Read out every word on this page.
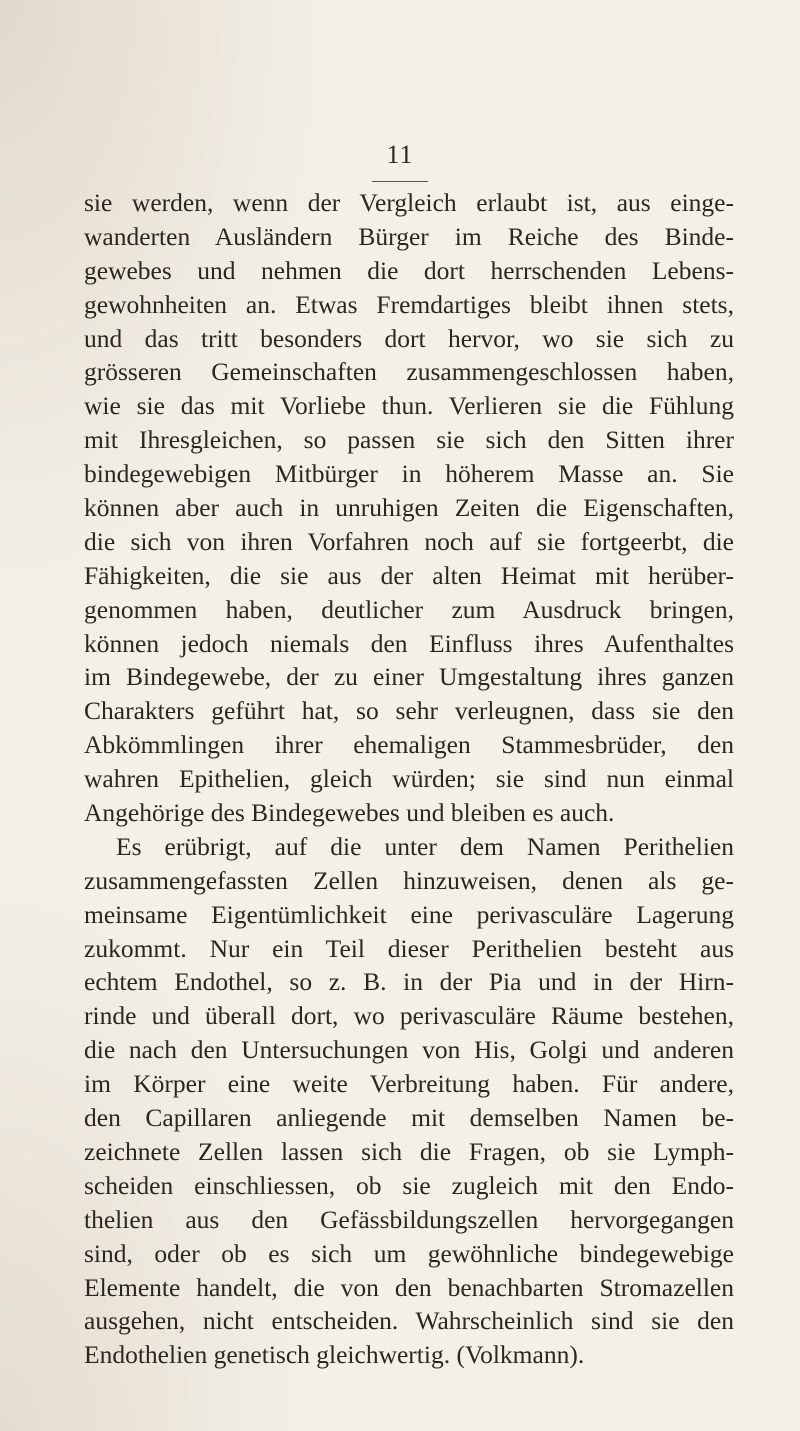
11
sie werden, wenn der Vergleich erlaubt ist, aus einge-
wanderten Ausländern Bürger im Reiche des Binde-
gewebes und nehmen die dort herrschenden Lebens-
gewohnheiten an. Etwas Fremdartiges bleibt ihnen stets,
und das tritt besonders dort hervor, wo sie sich zu
grösseren Gemeinschaften zusammengeschlossen haben,
wie sie das mit Vorliebe thun. Verlieren sie die Fühlung
mit Ihresgleichen, so passen sie sich den Sitten ihrer
bindegewebigen Mitbürger in höherem Masse an. Sie
können aber auch in unruhigen Zeiten die Eigenschaften,
die sich von ihren Vorfahren noch auf sie fortgeerbt, die
Fähigkeiten, die sie aus der alten Heimat mit herüber-
genommen haben, deutlicher zum Ausdruck bringen,
können jedoch niemals den Einfluss ihres Aufenthaltes
im Bindegewebe, der zu einer Umgestaltung ihres ganzen
Charakters geführt hat, so sehr verleugnen, dass sie den
Abkömmlingen ihrer ehemaligen Stammesbrüder, den
wahren Epithelien, gleich würden; sie sind nun einmal
Angehörige des Bindegewebes und bleiben es auch.
Es erübrigt, auf die unter dem Namen Perithelien
zusammengefassten Zellen hinzuweisen, denen als ge-
meinsame Eigentümlichkeit eine perivasculäre Lagerung
zukommt. Nur ein Teil dieser Perithelien besteht aus
echtem Endothel, so z. B. in der Pia und in der Hirn-
rinde und überall dort, wo perivasculäre Räume bestehen,
die nach den Untersuchungen von His, Golgi und anderen
im Körper eine weite Verbreitung haben. Für andere,
den Capillaren anliegende mit demselben Namen be-
zeichnete Zellen lassen sich die Fragen, ob sie Lymph-
scheiden einschliessen, ob sie zugleich mit den Endo-
thelien aus den Gefässbildungszellen hervorgegangen
sind, oder ob es sich um gewöhnliche bindegewebige
Elemente handelt, die von den benachbarten Stromazellen
ausgehen, nicht entscheiden. Wahrscheinlich sind sie den
Endothelien genetisch gleichwertig. (Volkmann).
